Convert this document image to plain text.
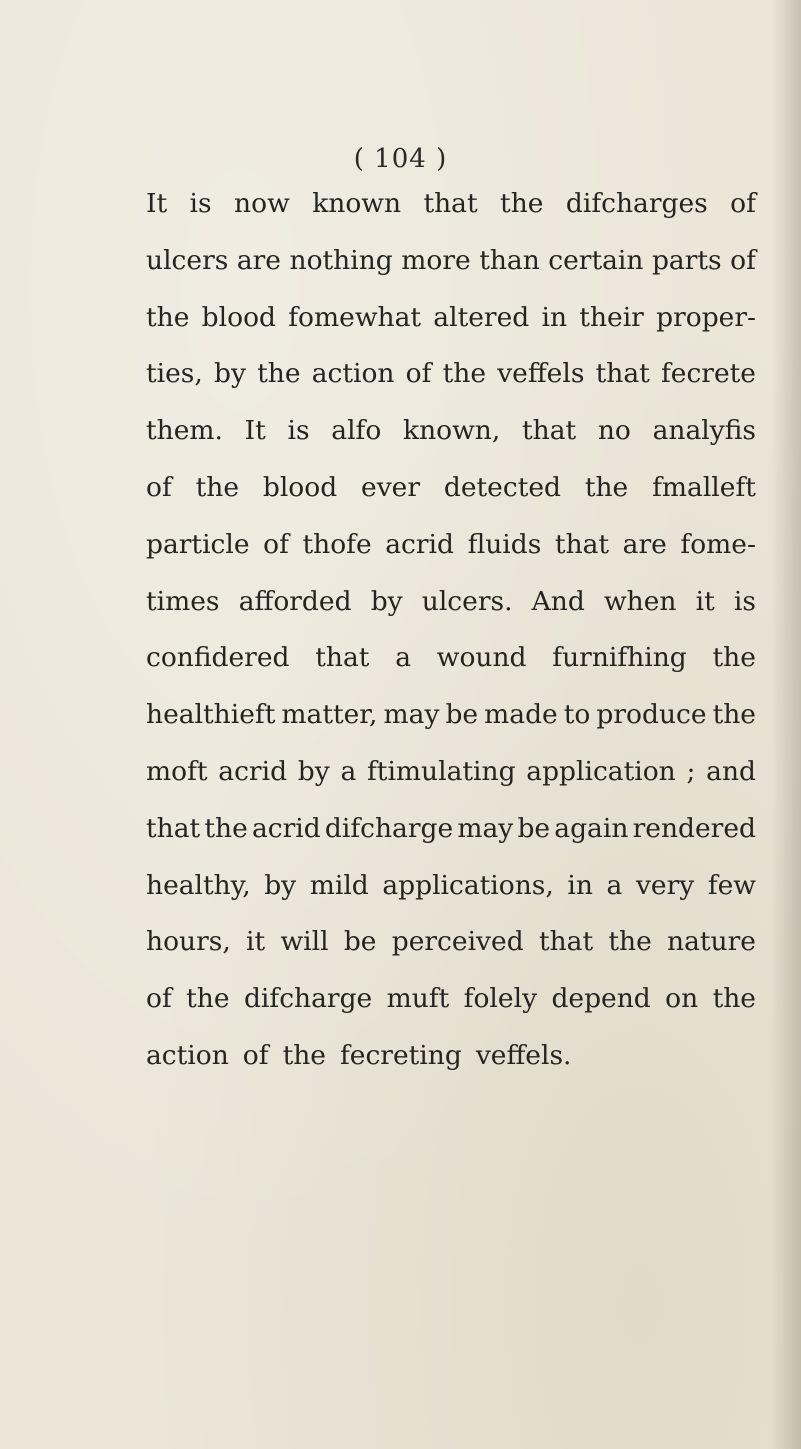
( 104 )
It is now known that the difcharges of
ulcers are nothing more than certain parts of
the blood fomewhat altered in their proper-
ties, by the action of the veffels that fecrete
them. It is alfo known, that no analyfis
of the blood ever detected the fmalleft
particle of thofe acrid fluids that are fome-
times afforded by ulcers. And when it is
confidered that a wound furnifhing the
healthieft matter, may be made to produce the
moft acrid by a ftimulating application ; and
that the acrid difcharge may be again rendered
healthy, by mild applications, in a very few
hours, it will be perceived that the nature
of the difcharge muft folely depend on the
action of the fecreting veffels.
